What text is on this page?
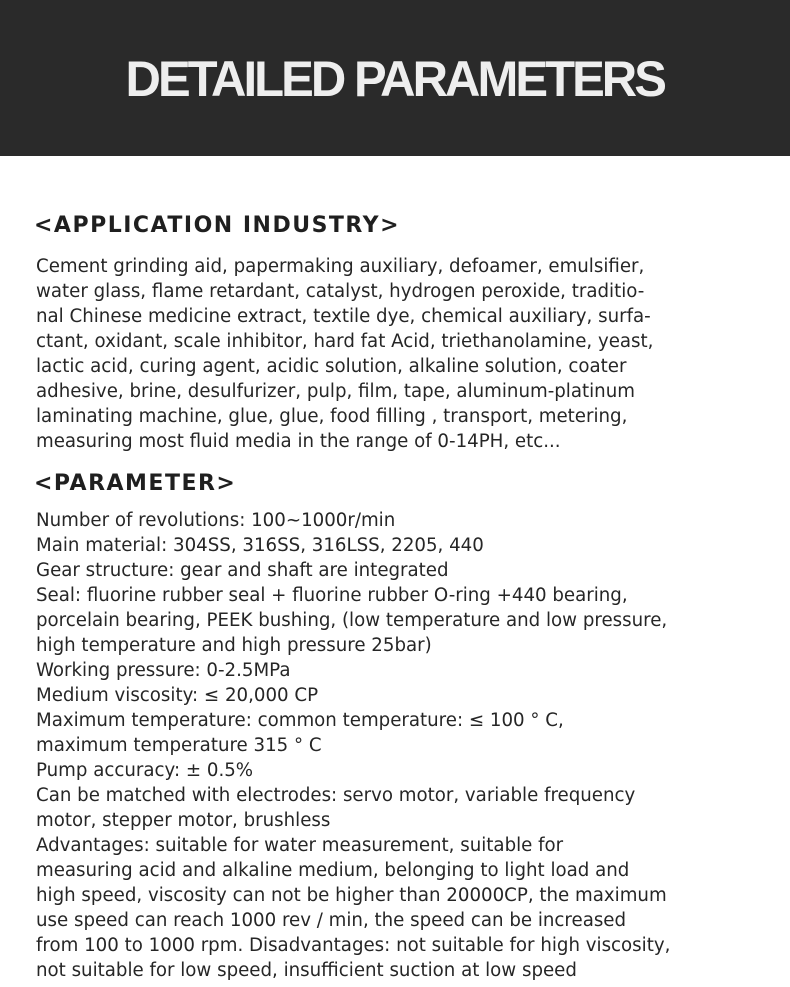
DETAILED PARAMETERS
<APPLICATION INDUSTRY>
Cement grinding aid, papermaking auxiliary, defoamer, emulsifier,
water glass, flame retardant, catalyst, hydrogen peroxide, traditio-
nal Chinese medicine extract, textile dye, chemical auxiliary, surfa-
ctant, oxidant, scale inhibitor, hard fat Acid, triethanolamine, yeast,
lactic acid, curing agent, acidic solution, alkaline solution, coater
adhesive, brine, desulfurizer, pulp, film, tape, aluminum-platinum
laminating machine, glue, glue, food filling , transport, metering,
measuring most fluid media in the range of 0-14PH, etc...
<PARAMETER>
Number of revolutions: 100~1000r/min
Main material: 304SS, 316SS, 316LSS, 2205, 440
Gear structure: gear and shaft are integrated
Seal: fluorine rubber seal + fluorine rubber O-ring +440 bearing,
porcelain bearing, PEEK bushing, (low temperature and low pressure,
high temperature and high pressure 25bar)
Working pressure: 0-2.5MPa
Medium viscosity: ≤ 20,000 CP
Maximum temperature: common temperature: ≤ 100 ° C,
maximum temperature 315 ° C
Pump accuracy: ± 0.5%
Can be matched with electrodes: servo motor, variable frequency
motor, stepper motor, brushless
Advantages: suitable for water measurement, suitable for
measuring acid and alkaline medium, belonging to light load and
high speed, viscosity can not be higher than 20000CP, the maximum
use speed can reach 1000 rev / min, the speed can be increased
from 100 to 1000 rpm. Disadvantages: not suitable for high viscosity,
not suitable for low speed, insufficient suction at low speed
